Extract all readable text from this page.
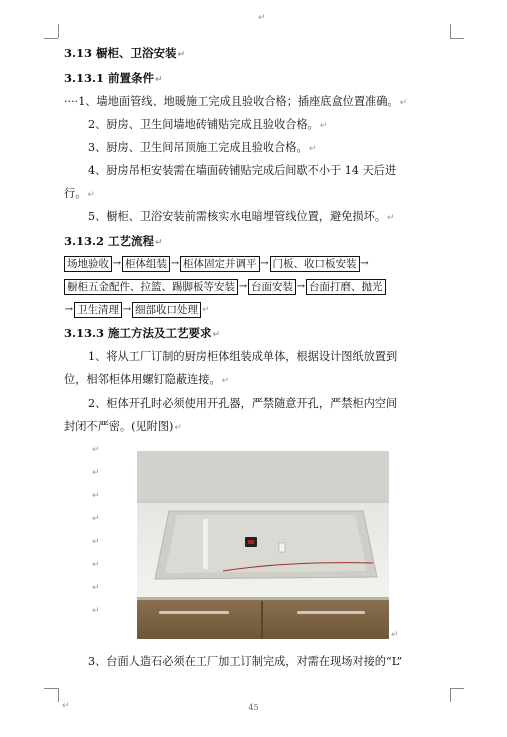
↵
↵
3.13 橱柜、卫浴安装↵
3.13.1 前置条件↵
····1、墙地面管线、地暖施工完成且验收合格；插座底盒位置准确。↵
2、厨房、卫生间墙地砖铺贴完成且验收合格。↵
3、厨房、卫生间吊顶施工完成且验收合格。↵
4、厨房吊柜安装需在墙面砖铺贴完成后间歇不小于 14 天后进
行。↵
5、橱柜、卫浴安装前需核实水电暗埋管线位置，避免损坏。↵
3.13.2 工艺流程↵
场地验收 → 柜体组装 → 柜体固定并调平 → 门板、收口板安装 →
橱柜五金配件、拉篮、踢脚板等安装 → 台面安装 → 台面打磨、抛光
→ 卫生清理 → 细部收口处理 ↵
3.13.3 施工方法及工艺要求↵
1、将从工厂订制的厨房柜体组装成单体，根据设计图纸放置到
位，相邻柜体用螺钉隐蔽连接。↵
2、柜体开孔时必须使用开孔器，严禁随意开孔，严禁柜内空间
封闭不严密。(见附图)↵
↵
↵
↵
↵
↵
↵
↵
↵
↵
3、台面人造石必须在工厂加工订制完成，对需在现场对接的“L”
45
